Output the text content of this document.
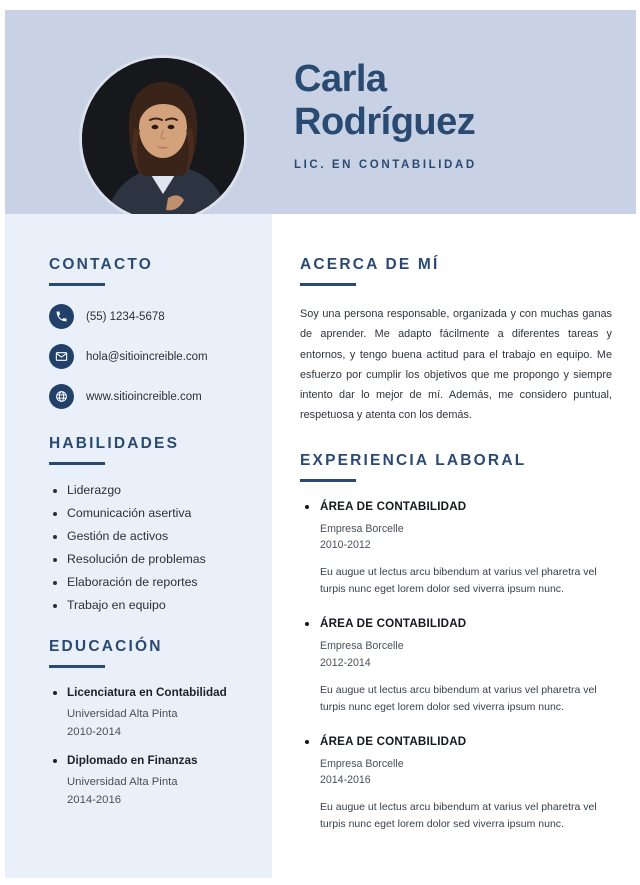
Carla
Rodríguez
LIC. EN CONTABILIDAD
CONTACTO
(55) 1234-5678
hola@sitioincreible.com
www.sitioincreible.com
HABILIDADES
Liderazgo
Comunicación asertiva
Gestión de activos
Resolución de problemas
Elaboración de reportes
Trabajo en equipo
EDUCACIÓN
Licenciatura en Contabilidad
Universidad Alta Pinta
2010-2014
Diplomado en Finanzas
Universidad Alta Pinta
2014-2016
ACERCA DE MÍ

Soy una persona responsable, organizada y con muchas ganas de aprender. Me adapto fácilmente a diferentes tareas y entornos, y tengo buena actitud para el trabajo en equipo. Me esfuerzo por cumplir los objetivos que me propongo y siempre intento dar lo mejor de mí. Además, me considero puntual, respetuosa y atenta con los demás.

EXPERIENCIA LABORAL
ÁREA DE CONTABILIDAD
Empresa Borcelle
2010-2012
Eu augue ut lectus arcu bibendum at varius vel pharetra vel turpis nunc eget lorem dolor sed viverra ipsum nunc.
ÁREA DE CONTABILIDAD
Empresa Borcelle
2012-2014
Eu augue ut lectus arcu bibendum at varius vel pharetra vel turpis nunc eget lorem dolor sed viverra ipsum nunc.
ÁREA DE CONTABILIDAD
Empresa Borcelle
2014-2016
Eu augue ut lectus arcu bibendum at varius vel pharetra vel turpis nunc eget lorem dolor sed viverra ipsum nunc.
